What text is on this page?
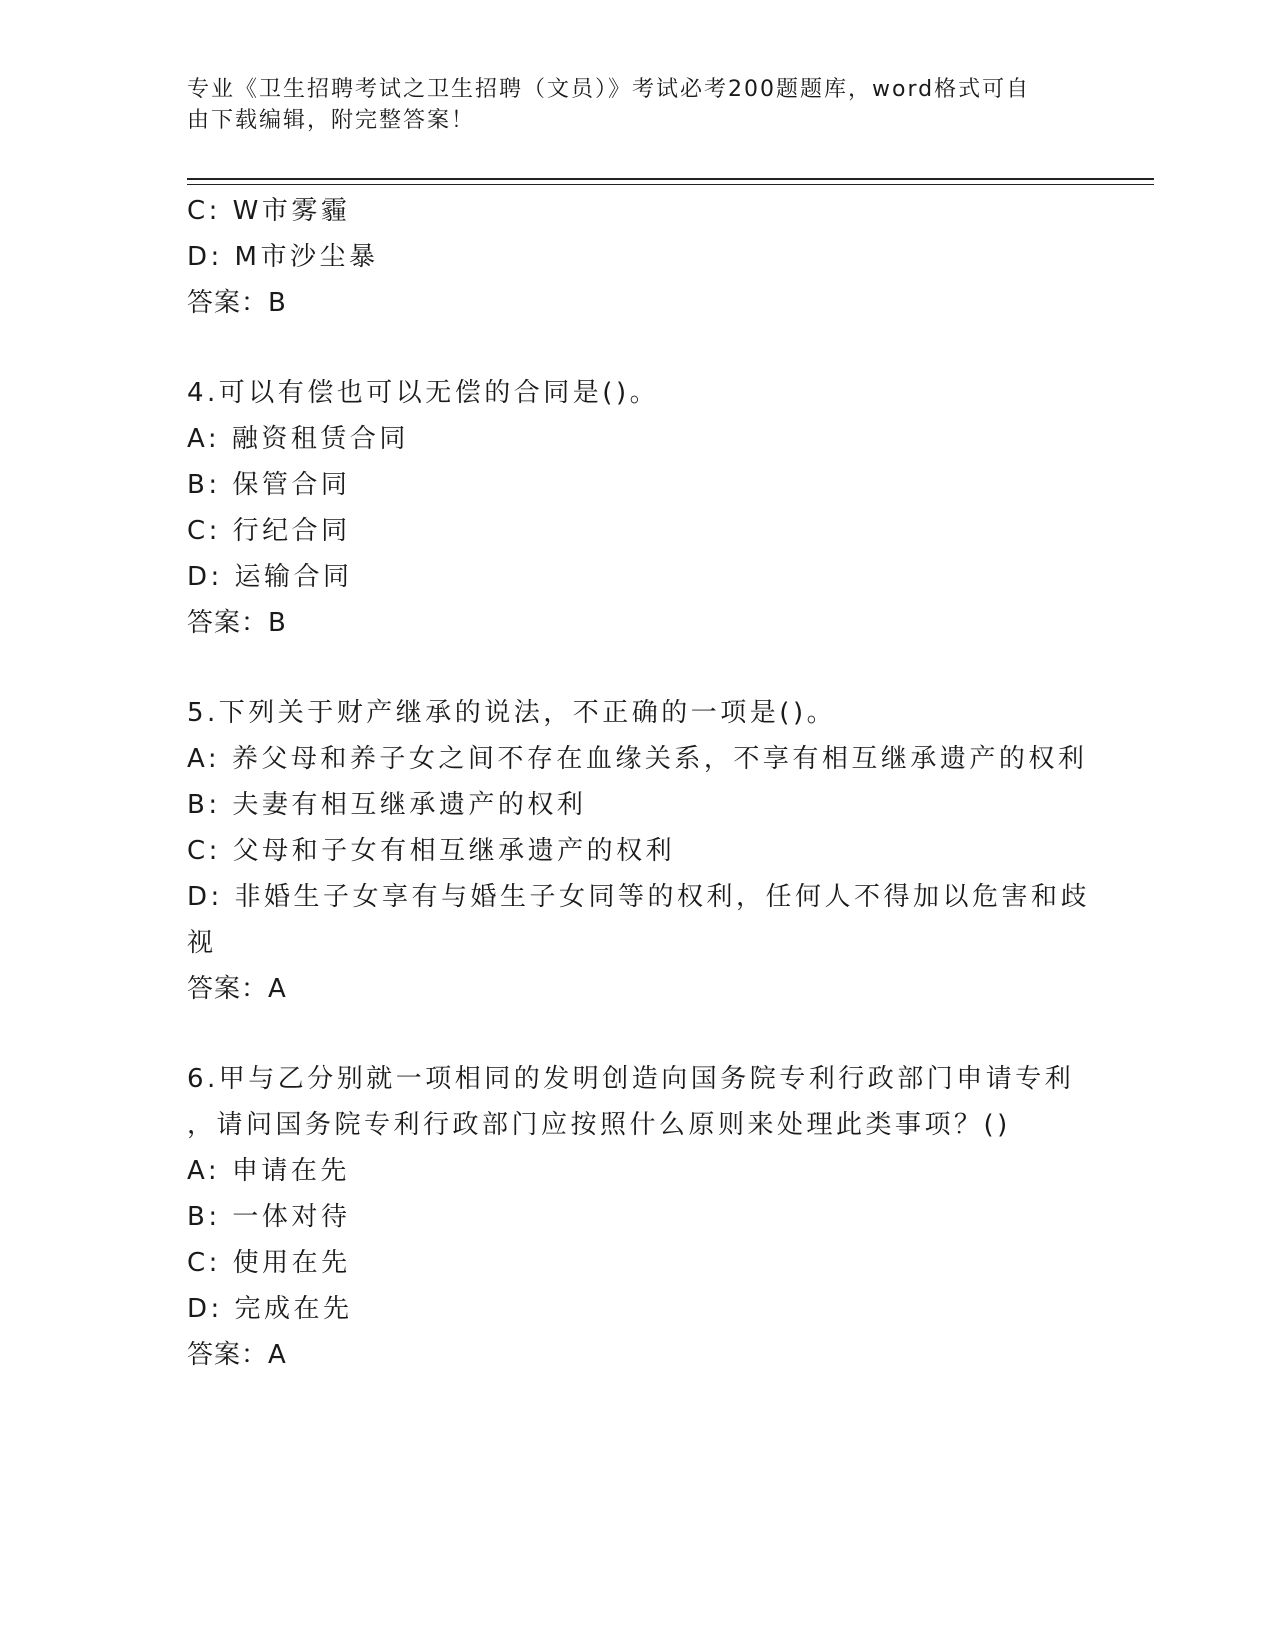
专业《卫生招聘考试之卫生招聘（文员）》考试必考200题题库，word格式可自
由下载编辑，附完整答案！
C: W市雾霾
D: M市沙尘暴
答案：B
4.可以有偿也可以无偿的合同是()。
A: 融资租赁合同
B: 保管合同
C: 行纪合同
D: 运输合同
答案：B
5.下列关于财产继承的说法，不正确的一项是()。
A: 养父母和养子女之间不存在血缘关系，不享有相互继承遗产的权利
B: 夫妻有相互继承遗产的权利
C: 父母和子女有相互继承遗产的权利
D: 非婚生子女享有与婚生子女同等的权利，任何人不得加以危害和歧
视
答案：A
6.甲与乙分别就一项相同的发明创造向国务院专利行政部门申请专利
，请问国务院专利行政部门应按照什么原则来处理此类事项？()
A: 申请在先
B: 一体对待
C: 使用在先
D: 完成在先
答案：A
